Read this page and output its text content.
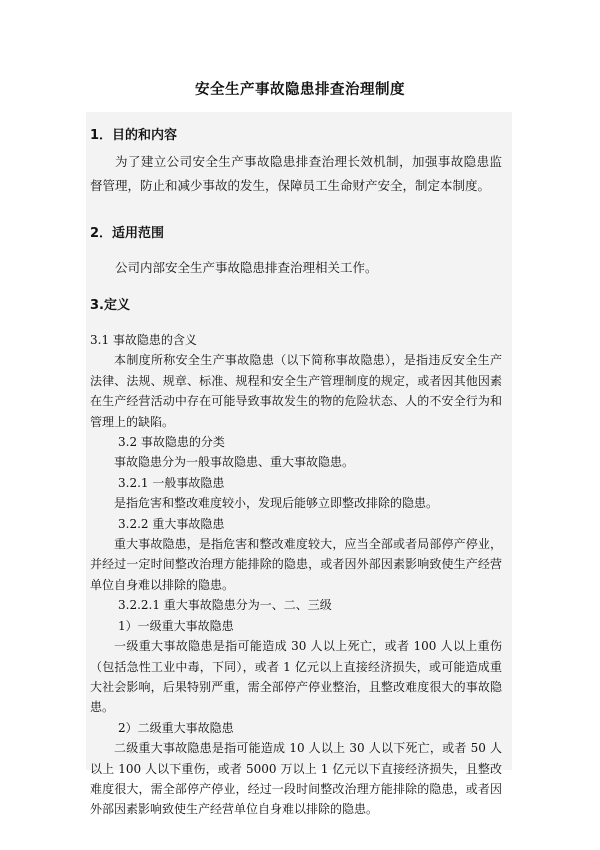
安全生产事故隐患排查治理制度
1．目的和内容

为了建立公司安全生产事故隐患排查治理长效机制，加强事故隐患监督管理，防止和减少事故的发生，保障员工生命财产安全，制定本制度。

2．适用范围

公司内部安全生产事故隐患排查治理相关工作。

3.定义

3.1 事故隐患的含义

本制度所称安全生产事故隐患（以下简称事故隐患），是指违反安全生产法律、法规、规章、标准、规程和安全生产管理制度的规定，或者因其他因素在生产经营活动中存在可能导致事故发生的物的危险状态、人的不安全行为和管理上的缺陷。

3.2 事故隐患的分类

事故隐患分为一般事故隐患、重大事故隐患。

3.2.1 一般事故隐患

是指危害和整改难度较小，发现后能够立即整改排除的隐患。

3.2.2 重大事故隐患

重大事故隐患，是指危害和整改难度较大，应当全部或者局部停产停业，并经过一定时间整改治理方能排除的隐患，或者因外部因素影响致使生产经营单位自身难以排除的隐患。

3.2.2.1 重大事故隐患分为一、二、三级

1）一级重大事故隐患

一级重大事故隐患是指可能造成 30 人以上死亡，或者 100 人以上重伤（包括急性工业中毒，下同），或者 1 亿元以上直接经济损失，或可能造成重大社会影响，后果特别严重，需全部停产停业整治，且整改难度很大的事故隐患。

2）二级重大事故隐患

二级重大事故隐患是指可能造成 10 人以上 30 人以下死亡，或者 50 人以上 100 人以下重伤，或者 5000 万以上 1 亿元以下直接经济损失，且整改难度很大，需全部停产停业，经过一段时间整改治理方能排除的隐患，或者因外部因素影响致使生产经营单位自身难以排除的隐患。
